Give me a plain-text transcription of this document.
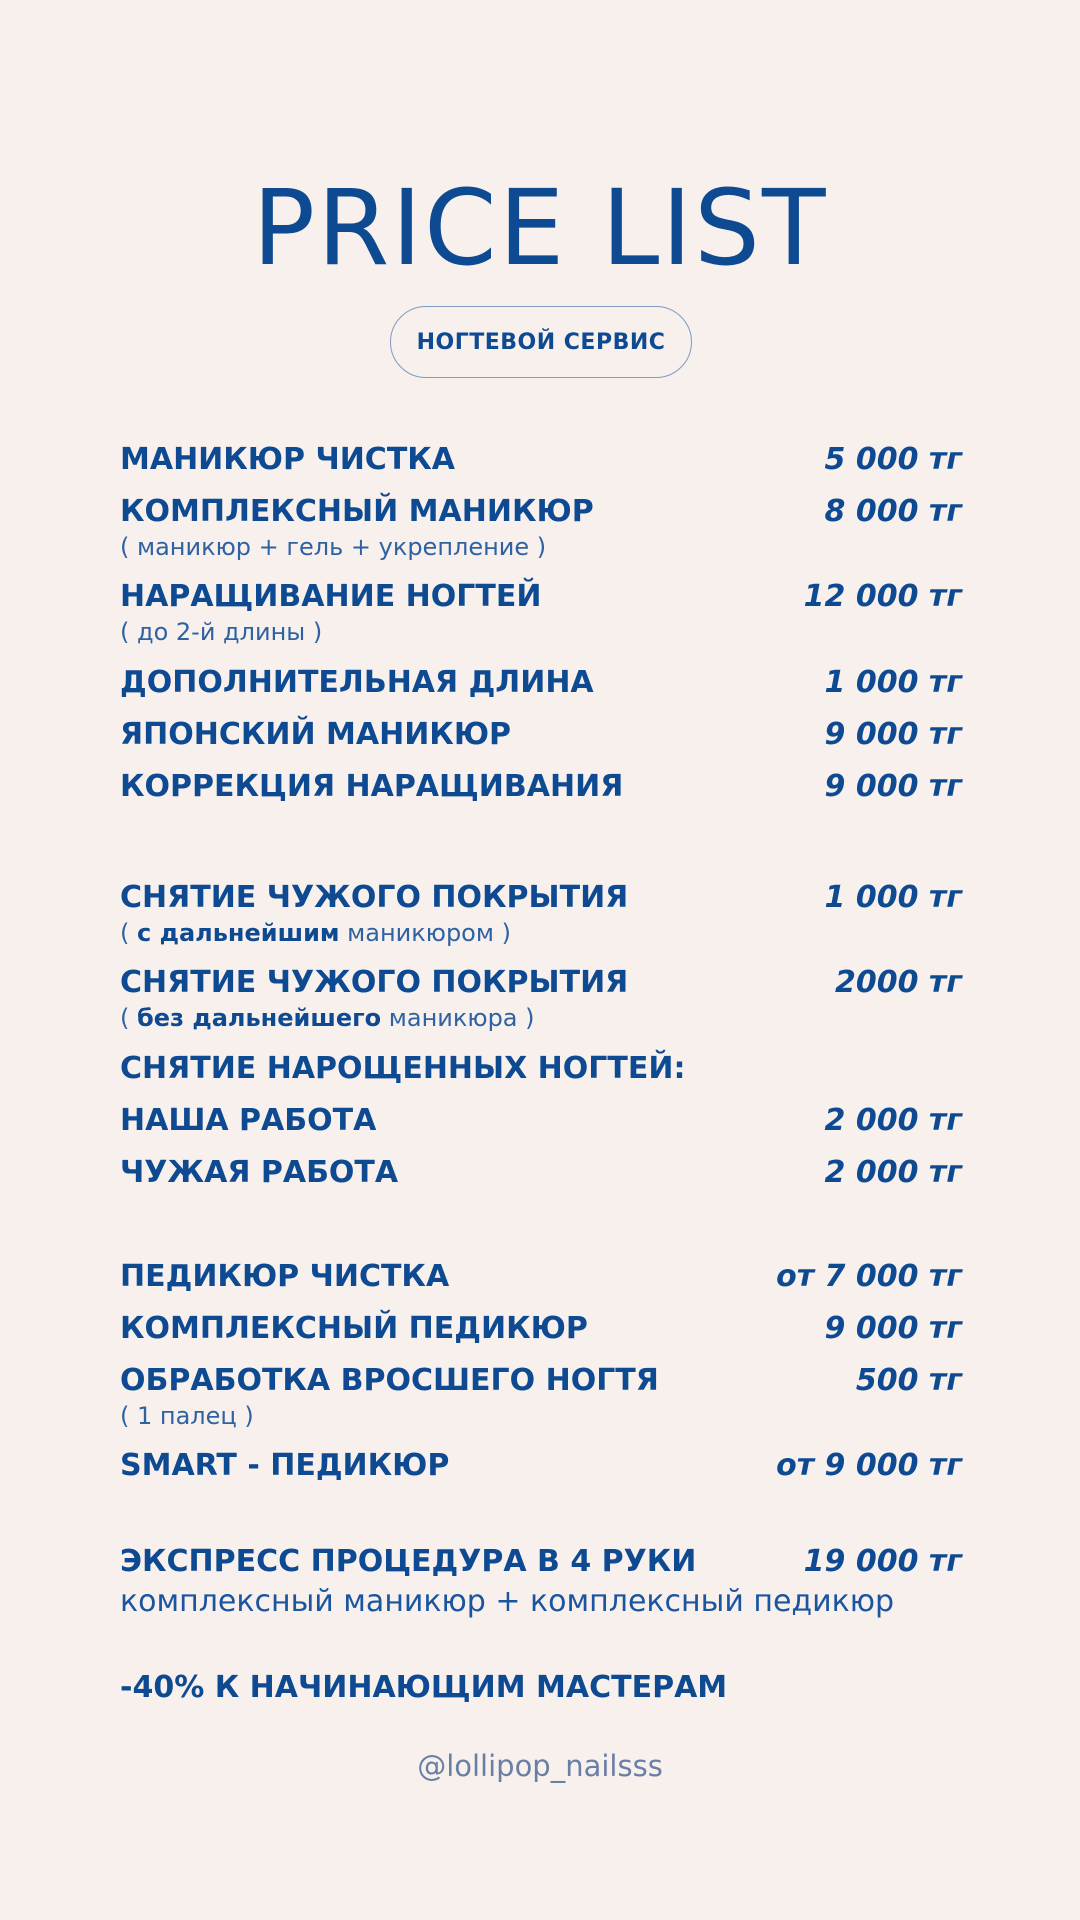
PRICE LIST
НОГТЕВОЙ СЕРВИС
МАНИКЮР ЧИСТКА	5 000 тг
КОМПЛЕКСНЫЙ МАНИКЮР	8 000 тг
( маникюр + гель + укрепление )
НАРАЩИВАНИЕ НОГТЕЙ	12 000 тг
( до 2-й длины )
ДОПОЛНИТЕЛЬНАЯ ДЛИНА	1 000 тг
ЯПОНСКИЙ МАНИКЮР	9 000 тг
КОРРЕКЦИЯ НАРАЩИВАНИЯ	9 000 тг
СНЯТИЕ ЧУЖОГО ПОКРЫТИЯ	1 000 тг
( с дальнейшим маникюром )
СНЯТИЕ ЧУЖОГО ПОКРЫТИЯ	2000 тг
( без дальнейшего маникюра )
СНЯТИЕ НАРОЩЕННЫХ НОГТЕЙ:
НАША РАБОТА	2 000 тг
ЧУЖАЯ РАБОТА	2 000 тг
ПЕДИКЮР ЧИСТКА	от 7 000 тг
КОМПЛЕКСНЫЙ ПЕДИКЮР	9 000 тг
ОБРАБОТКА ВРОСШЕГО НОГТЯ	500 тг
( 1 палец )
SMART - ПЕДИКЮР	от 9 000 тг
ЭКСПРЕСС ПРОЦЕДУРА В 4 РУКИ	19 000 тг
-40% К НАЧИНАЮЩИМ МАСТЕРАМ
комплексный маникюр + комплексный педикюр
@lollipop_nailsss
